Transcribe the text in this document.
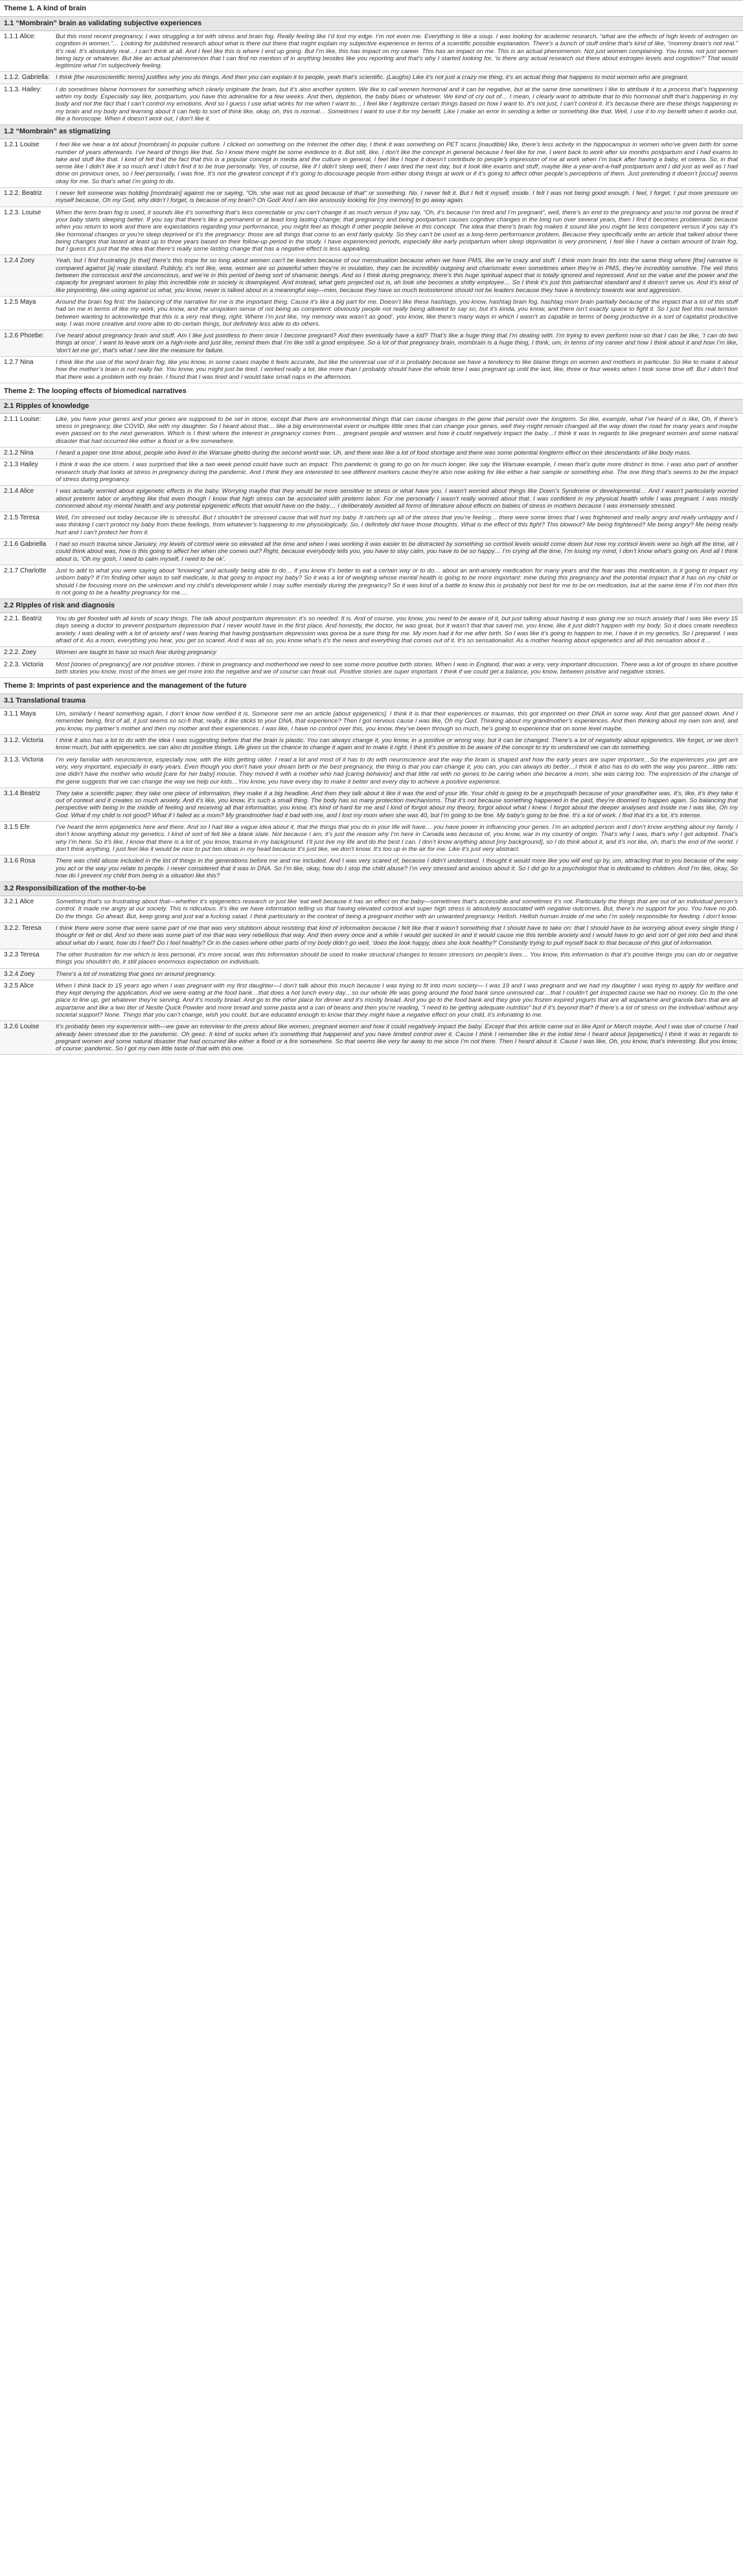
Theme 1. A kind of brain
1.1 “Mombrain” brain as validating subjective experiences
1.1.1 Alice:	But this most recent pregnancy, I was struggling a lot with stress and brain fog. Really feeling like I’d lost my edge. I’m not even me. Everything is like a soup. I was looking for academic research, “what are the effects of high levels of estrogen on cognition in women.”… Looking for published research about what is there out there that might explain my subjective experience in terms of a scientific possible explanation. There’s a bunch of stuff online that’s kind of like, “mommy brain’s not real.” It’s real. It’s absolutely real…I can’t think at all. And I feel like this is where I end up going. But I’m like, this has impact on my career. This has an impact on me. This is an actual phenomenon. Not just women complaining. You know, not just women being lazy or whatever. But like an actual phenomenon that I can find no mention of in anything besides like you reporting and that’s why I started looking for, ‘is there any actual research out there about estrogen levels and cognition?’ That would legitimize what I’m subjectively feeling.
1.1.2. Gabriella: I think [the neuroscientific terms] justifies why you do things. And then you can explain it to people, yeah that’s scientific. (Laughs) Like it’s not just a crazy me thing, it’s an actual thing that happens to most women who are pregnant.
1.1.3. Hailey:	I do sometimes blame hormones for something which clearly originate the brain, but it’s also another system. We like to call women hormonal and it can be negative, but at the same time sometimes I like to attribute it to a process that’s happening within my body. Especially say like, postpartum, you have this adrenaline for a few weeks. And then, depletion, the baby blues or whatever. We kind of cry out of… I mean, I clearly want to attribute that to this hormonal shift that’s happening in my body and not the fact that I can’t control my emotions. And so I guess I use what works for me when I want to… I feel like I legitimize certain things based on how I want to. It’s not just, I can’t control it. It’s because there are these things happening in my brain and my body and learning about it can help to sort of think like, okay, oh, this is normal… Sometimes I want to use it for my benefit. Like I make an error in sending a letter or something like that. Well, I use it to my benefit when it works out, like a horoscope. When it doesn’t work out, I don’t like it.
1.2 “Mombrain” as stigmatizing
1.2.1 Louise	I feel like we hear a lot about [mombrain] in popular culture. I clicked on something on the Internet the other day, I think it was something on PET scans [inaudible] like, there’s less activity in the hippocampus in women who’ve given birth for some number of years afterwards. I’ve heard of things like that. So I know there might be some evidence to it. But still, like, I don’t like the concept in general because I feel like for me, I went back to work after six months postpartum and I had exams to take and stuff like that. I kind of felt that the fact that this is a popular concept in media and the culture in general, I feel like I hope it doesn’t contribute to people’s impression of me at work when I’m back after having a baby, et cetera. So, in that sense like I didn’t like it so much and I didn’t find it to be true personally. Yes, of course, like if I didn’t sleep well, then I was tired the next day, but it took like exams and stuff, maybe like a year-and-a-half postpartum and I did just as well as I had done on previous ones, so I feel personally, I was fine. It’s not the greatest concept if it’s going to discourage people from either doing things at work or if it’s going to affect other people’s perceptions of them. Just pretending it doesn’t [occur] seems okay for me. So that’s what I’m going to do.
1.2.2. Beatriz	I never felt someone was holding [mombrain] against me or saying, “Oh, she was not as good because of that” or something. No. I never felt it. But I felt it myself, inside. I felt I was not being good enough. I feel, I forget. I put more pressure on myself because, Oh my God, why didn’t I forget, is because of my brain? Oh God! And I am like anxiously looking for [my memory] to go away again.
1.2.3. Louise	When the term brain fog is used, it sounds like it’s something that’s less correctable or you can’t change it as much versus if you say, “Oh, it’s because I’m tired and I’m pregnant”, well, there’s an end to the pregnancy and you’re not gonna be tired if your baby starts sleeping better. If you say that there’s like a permanent or at least long lasting change; that pregnancy and being postpartum causes cognitive changes in the long run over several years, then I find it becomes problematic because when you return to work and there are expectations regarding your performance, you might feel as though if other people believe in this concept. The idea that there’s brain fog makes it sound like you might be less competent versus if you say it’s like hormonal changes or you’re sleep deprived or it’s the pregnancy: those are all things that come to an end fairly quickly. So they can’t be used as a long-term performance problem. Because they specifically write an article that talked about there being changes that lasted at least up to three years based on their follow-up period in the study. I have experienced periods, especially like early postpartum when sleep deprivation is very prominent, I feel like I have a certain amount of brain fog, but I guess it’s just that the idea that there’s really some lasting change that has a negative effect is less appealing.
1.2.4 Zoey	Yeah, but I find frustrating [is that] there’s this trope for so long about women can’t be leaders because of our menstruation because when we have PMS, like we’re crazy and stuff. I think mom brain fits into the same thing where [the] narrative is compared against [a] male standard. Publicly, it’s not like, wow, women are so powerful when they’re in ovulation, they can be incredibly outgoing and charismatic even sometimes when they’re in PMS, they’re incredibly sensitive. The veil thins between the conscious and the unconscious, and we’re in this period of being sort of shamanic beings. And so I think during pregnancy, there’s this huge spiritual aspect that is totally ignored and repressed. And so the value and the power and the capacity for pregnant women to play this incredible role in society is downplayed. And instead, what gets projected out is, ah look she becomes a shitty employee… So I think it’s just this patriarchal standard and it doesn’t serve us. And it’s kind of like pinpointing, like using against us what, you know, never is talked about in a meaningful way—men, because they have so much testosterone should not be leaders because they have a tendency towards war and aggression.
1.2.5 Maya	Around the brain fog first: the balancing of the narrative for me is the important thing. Cause it’s like a big part for me. Doesn’t like these hashtags, you know, hashtag brain fog, hashtag mom brain partially because of the impact that a lot of this stuff had on me in terms of like my work, you know, and the unspoken sense of not being as competent: obviously people not really being allowed to say so, but it’s kinda, you know, and there isn’t exactly space to fight it. So I just feel this real tension between wanting to acknowledge that this is a very real thing, right. Where I’m just like, ‘my memory was wasn’t as good’, you know, like there’s many ways in which I wasn’t as capable in terms of being productive in a sort of capitalist productive way. I was more creative and more able to do certain things, but definitely less able to do others.
1.2.6 Phoebe:	I’ve heard about pregnancy brain and stuff. Am I like just pointless to them once I become pregnant? And then eventually have a kid? That’s like a huge thing that I’m dealing with. I’m trying to even perform now so that I can be like, ‘I can do two things at once’. I want to leave work on a high-note and just like, remind them that I’m like still a good employee. So a lot of that pregnancy brain, mombrain is a huge thing, I think, um, in terms of my career and how I think about it and how I’m like, ‘don’t let me go’, that’s what I see like the measure for failure.
1.2.7 Nina	I think like the use of the word brain fog, like you know, in some cases maybe it feels accurate, but like the universal use of it is probably because we have a tendency to like blame things on women and mothers in particular. So like to make it about how the mother’s brain is not really fair. You know, you might just be tired. I worked really a lot, like more than I probably should have the whole time I was pregnant up until the last, like, three or four weeks when I took some time off. But I didn’t find that there was a problem with my brain. I found that I was tired and I would take small naps in the afternoon.
Theme 2: The looping effects of biomedical narratives
2.1 Ripples of knowledge
2.1.1 Louise:	Like, you have your genes and your genes are supposed to be set in stone, except that there are environmental things that can cause changes in the gene that persist over the longterm. So like, example, what I’ve heard of is like, Oh, if there’s stress in pregnancy, like COVID, like with my daughter. So I heard about that… like a big environmental event or multiple little ones that can change your genes, well they might remain changed all the way down the road for many years and maybe even passed on to the next generation. Which is I think where the interest in pregnancy comes from… pregnant people and women and how it could negatively impact the baby…I think it was in regards to like pregnant women and some natural disaster that had occurred like either a flood or a fire somewhere.
2.1.2 Nina	I heard a paper one time about, people who lived in the Warsaw ghetto during the second world war. Uh, and there was like a lot of food shortage and there was some potential longterm effect on their descendants of like body mass.
2.1.3 Hailey	I think it was the ice storm. I was surprised that like a two week period could have such an impact. This pandemic is going to go on for much longer, like say the Warsaw example, I mean that’s quite more distinct in time. I was also part of another research study that looks at stress in pregnancy during the pandemic. And I think they are interested to see different markers cause they’re also now asking for like either a hair sample or something else. The one thing that’s seems to be the impact of stress during pregnancy.
2.1.4 Alice	I was actually worried about epigenetic effects in the baby. Worrying maybe that they would be more sensitive to stress or what have you. I wasn’t worried about things like Down’s Syndrome or developmental… And I wasn’t particularly worried about preterm labor or anything like that even though I know that high stress can be associated with preterm labor. For me personally I wasn’t really worried about that. I was confident in my physical health while I was pregnant. I was mostly concerned about my mental health and any potential epigenetic effects that would have on the baby… I deliberately avoided all forms of literature about effects on babies of stress in mothers because I was immensely stressed.
2.1.5 Teresa	Well, I’m stressed out today because life is stressful. But I shouldn’t be stressed cause that will hurt my baby. It ratchets up all of the stress that you’re feeling… there were some times that I was frightened and really angry and really unhappy and I was thinking I can’t protect my baby from these feelings, from whatever’s happening to me physiologically. So, I definitely did have those thoughts. What is the effect of this fight? This blowout? Me being frightened? Me being angry? Me being really hurt and I can’t protect her from it.
2.1.6 Gabriella	I had so much trauma since January, my levels of cortisol were so elevated all the time and when I was working it was easier to be distracted by something so cortisol levels would come down but now my cortisol levels were so high all the time, all I could think about was, how is this going to affect her when she comes out? Right, because everybody tells you, you have to stay calm, you have to be so happy… I’m crying all the time, I’m losing my mind, I don’t know what’s going on. And all I think about is, ‘Oh my gosh, I need to calm myself, I need to be ok’.
2.1.7 Charlotte	Just to add to what you were saying about “knowing” and actually being able to do… if you know it’s better to eat a certain way or to do… about an anti-anxiety medication for many years and the fear was this medication, is it going to impact my unborn baby? If I’m finding other ways to self medicate, is that going to impact my baby? So it was a lot of weighing whose mental health is going to be more important: mine during this pregnancy and the potential impact that it has on my child or should I be focusing more on the unknown and my child’s development while I may suffer mentally during the pregnancy? So it was kind of a battle to know this is probably not best for me to be on medication, but at the same time if I’m not then this is not going to be a healthy pregnancy for me….
2.2 Ripples of risk and diagnosis
2.2.1. Beatriz	You do get flooded with all kinds of scary things. The talk about postpartum depression: it’s so needed. It is. And of course, you know, you need to be aware of it, but just talking about having it was giving me so much anxiety that I was like every 15 days seeing a doctor to prevent postpartum depression that I never would have in the first place. And honestly, the doctor, he was great, but it wasn’t that that saved me, you know, like it just didn’t happen with my body. So it does create needless anxiety. I was dealing with a lot of anxiety and I was fearing that having postpartum depression was gonna be a sure thing for me. My mom had it for me after birth. So I was like it’s going to happen to me, I have it in my genetics. So I prepared. I was afraid of it. As a mom, everything you hear, you get so scared. And it was all so, you know what’s it’s the news and everything that comes out of it. It’s so sensationalist. As a mother hearing about epigenetics and all this sensation about it…
2.2.2. Zoey	Women are taught to have so much fear during pregnancy
2.2.3. Victoria	Most [stories of pregnancy] are not positive stories. I think in pregnancy and motherhood we need to see some more positive birth stories. When I was in England, that was a very, very important discussion. There was a lot of groups to share positive birth stories you know, most of the times we get more into the negative and we of course can freak out. Positive stories are super important. I think if we could get a balance, you know, between positive and negative stories.
Theme 3: Imprints of past experience and the management of the future
3.1 Translational trauma
3.1.1 Maya	Um, similarly I heard something again, I don’t know how verified it is. Someone sent me an article [about epigenetics]. I think it is that their experiences or traumas, this got imprinted on their DNA in some way. And that got passed down. And I remember being, first of all, it just seems so sci-fi that, really, it like sticks to your DNA, that experience? Then I got nervous cause I was like, Oh my God. Thinking about my grandmother’s experiences. And then thinking about my own son and, and you know, my partner’s mother and then my mother and their experiences. I was like, I have no control over this, you know, they’ve been through so much, he’s going to experience that on some level maybe.
3.1.2. Victoria	I think it also has a lot to do with the idea I was suggesting before that the brain is plastic. You can always change it, you know, in a positive or wrong way, but it can be changed. There’s a lot of negativity about epigenetics. We forget, or we don’t know much, but with epigenetics, we can also do positive things. Life gives us the chance to change it again and to make it right. I think it’s positive to be aware of the concept to try to understand we can do something.
3.1.3. Victoria	I’m very familiar with neuroscience, especially now, with the kids getting older. I read a lot and most of it has to do with neuroscience and the way the brain is shaped and how the early years are super important…So the experiences you get are very, very important, especially in early years. Even though you don’t have your dream birth or the best pregnancy, the thing is that you can change it, you can, you can always do better…I think it also has to do with the way you parent…little rats: one didn’t have the mother who would [care for her baby] mouse. They moved it with a mother who had [caring behavior] and that little rat with no genes to be caring when she became a mom, she was caring too. The expression of the change of the gene suggests that we can change the way we help our kids…You know, you have every day to make it better and every day to achieve a positive experience.
3.1.4 Beatriz	They take a scientific paper, they take one piece of information, they make it a big headline. And then they talk about it like it was the end of your life. Your child is going to be a psychopath because of your grandfather was. It’s, like, it’s they take it out of context and it creates so much anxiety. And it’s like, you know, it’s such a small thing. The body has so many protection mechanisms. That it’s not because something happened in the past, they’re doomed to happen again. So balancing that perspective with being in the middle of feeling and receiving all that information, you know, it’s kind of hard for me and I kind of forgot about my theory, forgot about what I knew. I forgot about the deeper analyses and inside me I was like, Oh my God. What if my child is not good? What if I failed as a mom? My grandmother had it bad with me, and I lost my mom when she was 40, but I’m going to be fine. My baby’s going to be fine. It’s a lot of work. I find that it’s a lot, it’s intense.
3.1.5 Efe	I’ve heard the term epigenetics here and there. And so I had like a vague idea about it, that the things that you do in your life will have… you have power in influencing your genes. I’m an adopted person and I don’t know anything about my family. I don’t know anything about my genetics. I kind of sort of felt like a blank slate. Not because I am, it’s just the reason why I’m here in Canada was because of, you know, war in my country of origin. That’s why I was, that’s why I got adopted. That’s why I’m here. So it’s like, I know that there is a lot of, you know, trauma in my background. I’ll just live my life and do the best I can. I don’t know anything about [my background], so I do think about it, and it’s not like, oh, that’s the end of the world. I don’t think anything, I just feel like it would be nice to put two ideas in my head because it’s just like, we don’t know. It’s too up in the air for me. Like it’s just very abstract.
3.1.6 Rosa	There was child abuse included in the list of things in the generations before me and me included. And I was very scared of, because I didn’t understand. I thought it would more like you will end up by, um, attracting that to you because of the way you act or the way you relate to people. I never considered that it was in DNA. So I’m like, okay, how do I stop the child abuse? I’m very stressed and anxious about it. So I did go to a psychologist that is dedicated to children. And I’m like, okay, So how do I prevent my child from being in a situation like this?
3.2 Responsibilization of the mother-to-be
3.2.1 Alice	Something that’s so frustrating about that—whether it’s epigenetics research or just like ‘eat well because it has an effect on the baby—sometimes that’s accessible and sometimes it’s not. Particularly the things that are out of an individual person’s control. It made me angry at our society. This is ridiculous. It’s like we have information telling us that having elevated cortisol and super high stress is absolutely associated with negative outcomes. But, there’s no support for you. You have no job. Do the things. Go ahead. But, keep going and just eat a fucking salad. I think particularly in the context of being a pregnant mother with an unwanted pregnancy. Hellish. Hellish human inside of me who I’m solely responsible for feeding. I don’t know.
3.2.2. Teresa	I think there were some that were same part of me that was very stubborn about resisting that kind of information because I felt like that it wasn’t something that I should have to take on: that I should have to be worrying about every single thing I thought or felt or did. And so there was some part of me that was very rebellious that way. And then every once and a while I would get sucked in and it would cause me this terrible anxiety and I would have to go and sort of get into bed and think about what do I want, how do I feel? Do I feel healthy? Or in the cases where other parts of my body didn’t go well, ‘does the look happy, does she look healthy?’ Constantly trying to pull myself back to that because of this glut of information.
3.2.3 Teresa	The other frustration for me which is less personal, it’s more social, was this information should be used to make structural changes to lessen stressors on people’s lives… You know, this information is that it’s positive things you can do or negative things you shouldn’t do, it still places enormous expectation on individuals.
3.2.4 Zoey	There’s a lot of moralizing that goes on around pregnancy.
3.2.5 Alice	When I think back to 15 years ago when I was pregnant with my first daughter—I don’t talk about this much because I was trying to fit into mom society— I was 19 and I was pregnant and we had my daughter I was trying to apply for welfare and they kept denying the application. And we were eating at the food bank…that does a hot lunch every day…so our whole life was going around the food bank since uninsured car…that I couldn’t get inspected cause we had no money. Go to the one place to line up, get whatever they’re serving. And it’s mostly bread. And go to the other place for dinner and it’s mostly bread. And you go to the food bank and they give you frozen expired yogurts that are all aspartame and granola bars that are all aspartame and like a two liter of Nestle Quick Powder and more bread and some pasta and a can of beans and then you’re reading, “I need to be getting adequate nutrition” but if it’s beyond that? If there’s a lot of stress on the individual without any societal support? None. Things that you can’t change, wish you could, but are educated enough to know that they might have a negative effect on your child, it’s infuriating to me.
3.2.6 Louise	It’s probably been my experience with—we gave an interview to the press about like women, pregnant women and how it could negatively impact the baby. Except that this article came out in like April or March maybe. And I was due of course I had already been stressed due to the pandemic. Oh geez. It kind of sucks when it’s something that happened and you have limited control over it. Cause I think I remember like in the initial time I heard about [epigenetics] I think it was in regards to pregnant women and some natural disaster that had occurred like either a flood or a fire somewhere. So that seems like very far away to me since I’m not there. Then I heard about it. Cause I was like, Oh, you know, that’s interesting. But you know, of course: pandemic. So I got my own little taste of that with this one.
